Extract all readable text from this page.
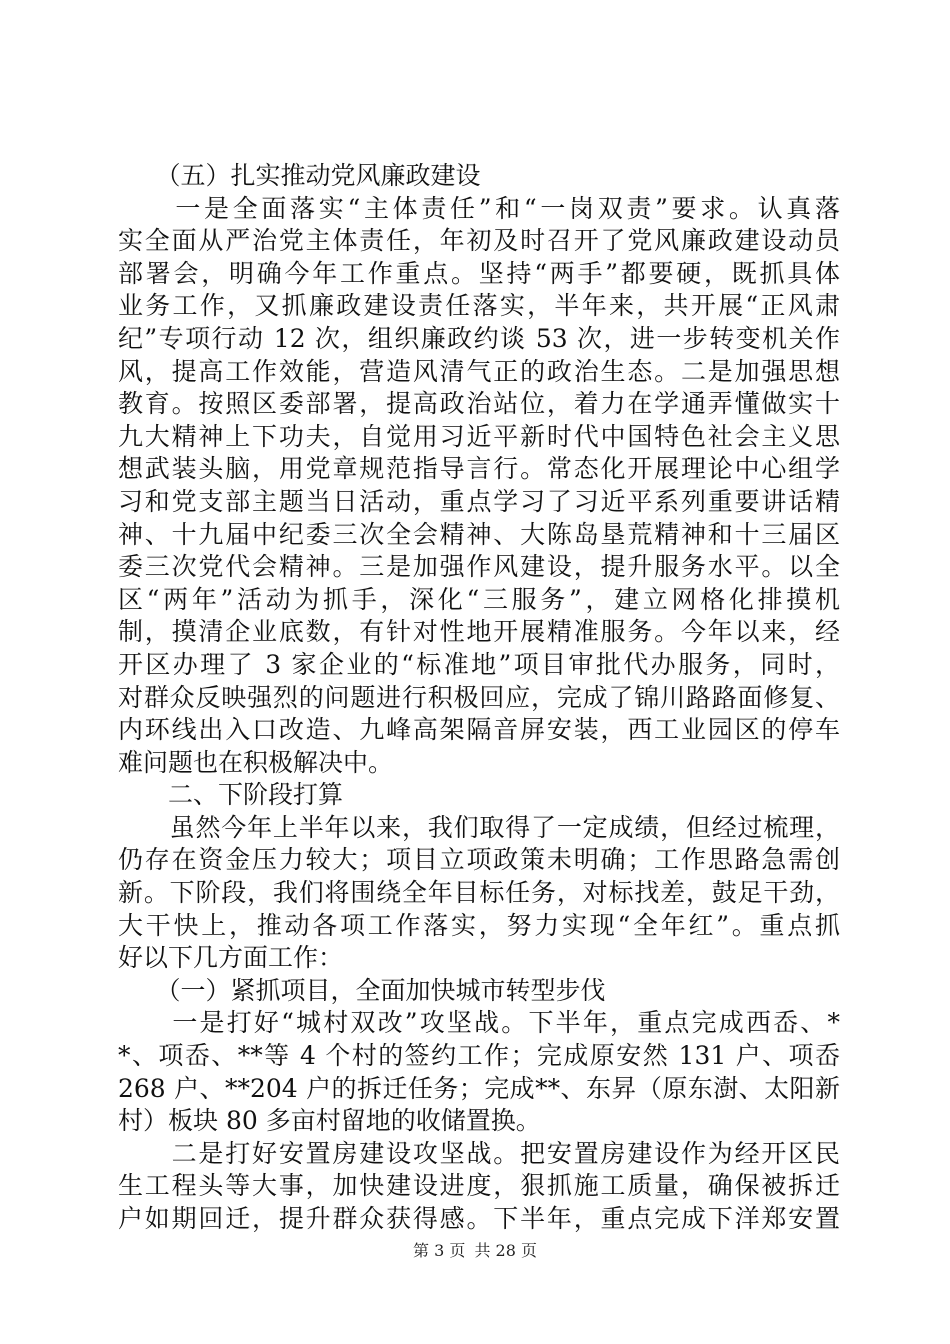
　　（五）扎实推动党风廉政建设
　　一是全面落实“主体责任”和“一岗双责”要求。认真落
实全面从严治党主体责任，年初及时召开了党风廉政建设动员
部署会，明确今年工作重点。坚持“两手”都要硬，既抓具体
业务工作，又抓廉政建设责任落实，半年来，共开展“正风肃
纪”专项行动 12 次，组织廉政约谈 53 次，进一步转变机关作
风，提高工作效能，营造风清气正的政治生态。二是加强思想
教育。按照区委部署，提高政治站位，着力在学通弄懂做实十
九大精神上下功夫，自觉用习近平新时代中国特色社会主义思
想武装头脑，用党章规范指导言行。常态化开展理论中心组学
习和党支部主题当日活动，重点学习了习近平系列重要讲话精
神、十九届中纪委三次全会精神、大陈岛垦荒精神和十三届区
委三次党代会精神。三是加强作风建设，提升服务水平。以全
区“两年”活动为抓手，深化“三服务”，建立网格化排摸机
制，摸清企业底数，有针对性地开展精准服务。今年以来，经
开区办理了 3 家企业的“标准地”项目审批代办服务，同时，
对群众反映强烈的问题进行积极回应，完成了锦川路路面修复、
内环线出入口改造、九峰高架隔音屏安装，西工业园区的停车
难问题也在积极解决中。
　　二、下阶段打算
　　虽然今年上半年以来，我们取得了一定成绩，但经过梳理，
仍存在资金压力较大；项目立项政策未明确；工作思路急需创
新。下阶段，我们将围绕全年目标任务，对标找差，鼓足干劲，
大干快上，推动各项工作落实，努力实现“全年红”。重点抓
好以下几方面工作：
　　（一）紧抓项目，全面加快城市转型步伐
　　一是打好“城村双改”攻坚战。下半年，重点完成西岙、*
*、项岙、**等 4 个村的签约工作；完成原安然 131 户、项岙
268 户、**204 户的拆迁任务；完成**、东昇（原东澍、太阳新
村）板块 80 多亩村留地的收储置换。
　　二是打好安置房建设攻坚战。把安置房建设作为经开区民
生工程头等大事，加快建设进度，狠抓施工质量，确保被拆迁
户如期回迁，提升群众获得感。下半年，重点完成下洋郑安置
第 3 页 共 28 页
